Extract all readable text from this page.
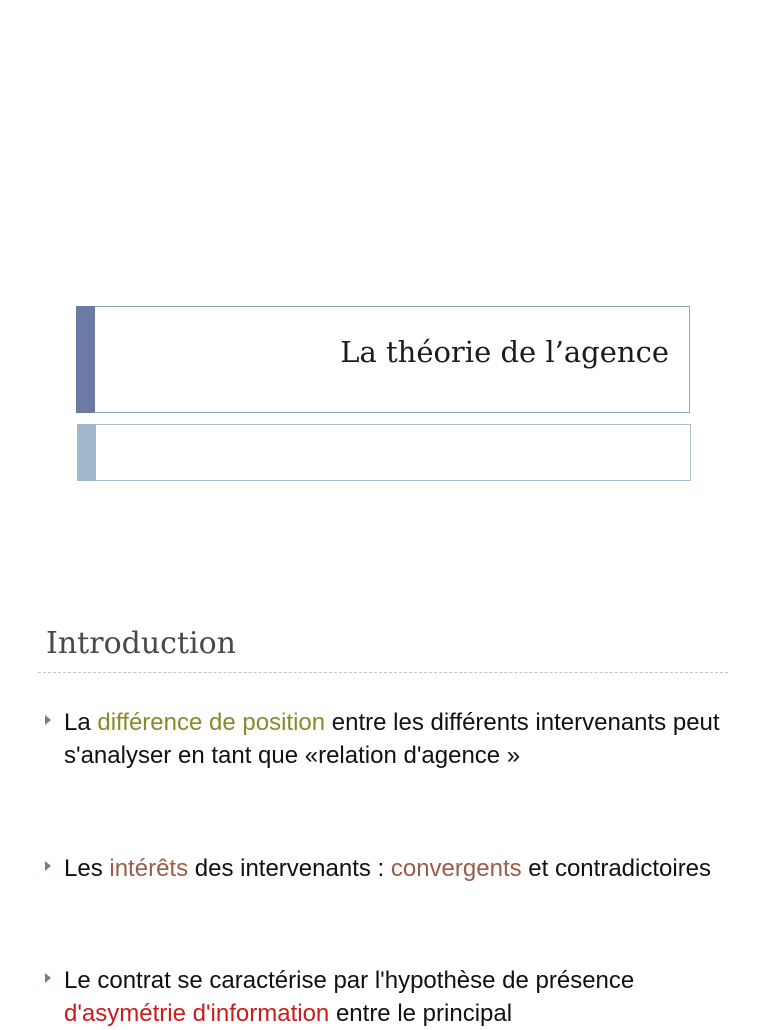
La théorie de l’agence
Introduction
La différence de position entre les différents intervenants peut s'analyser en tant que «relation d'agence »
Les intérêts des intervenants : convergents et contradictoires
Le contrat se caractérise par l'hypothèse de présence d'asymétrie d'information entre le principal
